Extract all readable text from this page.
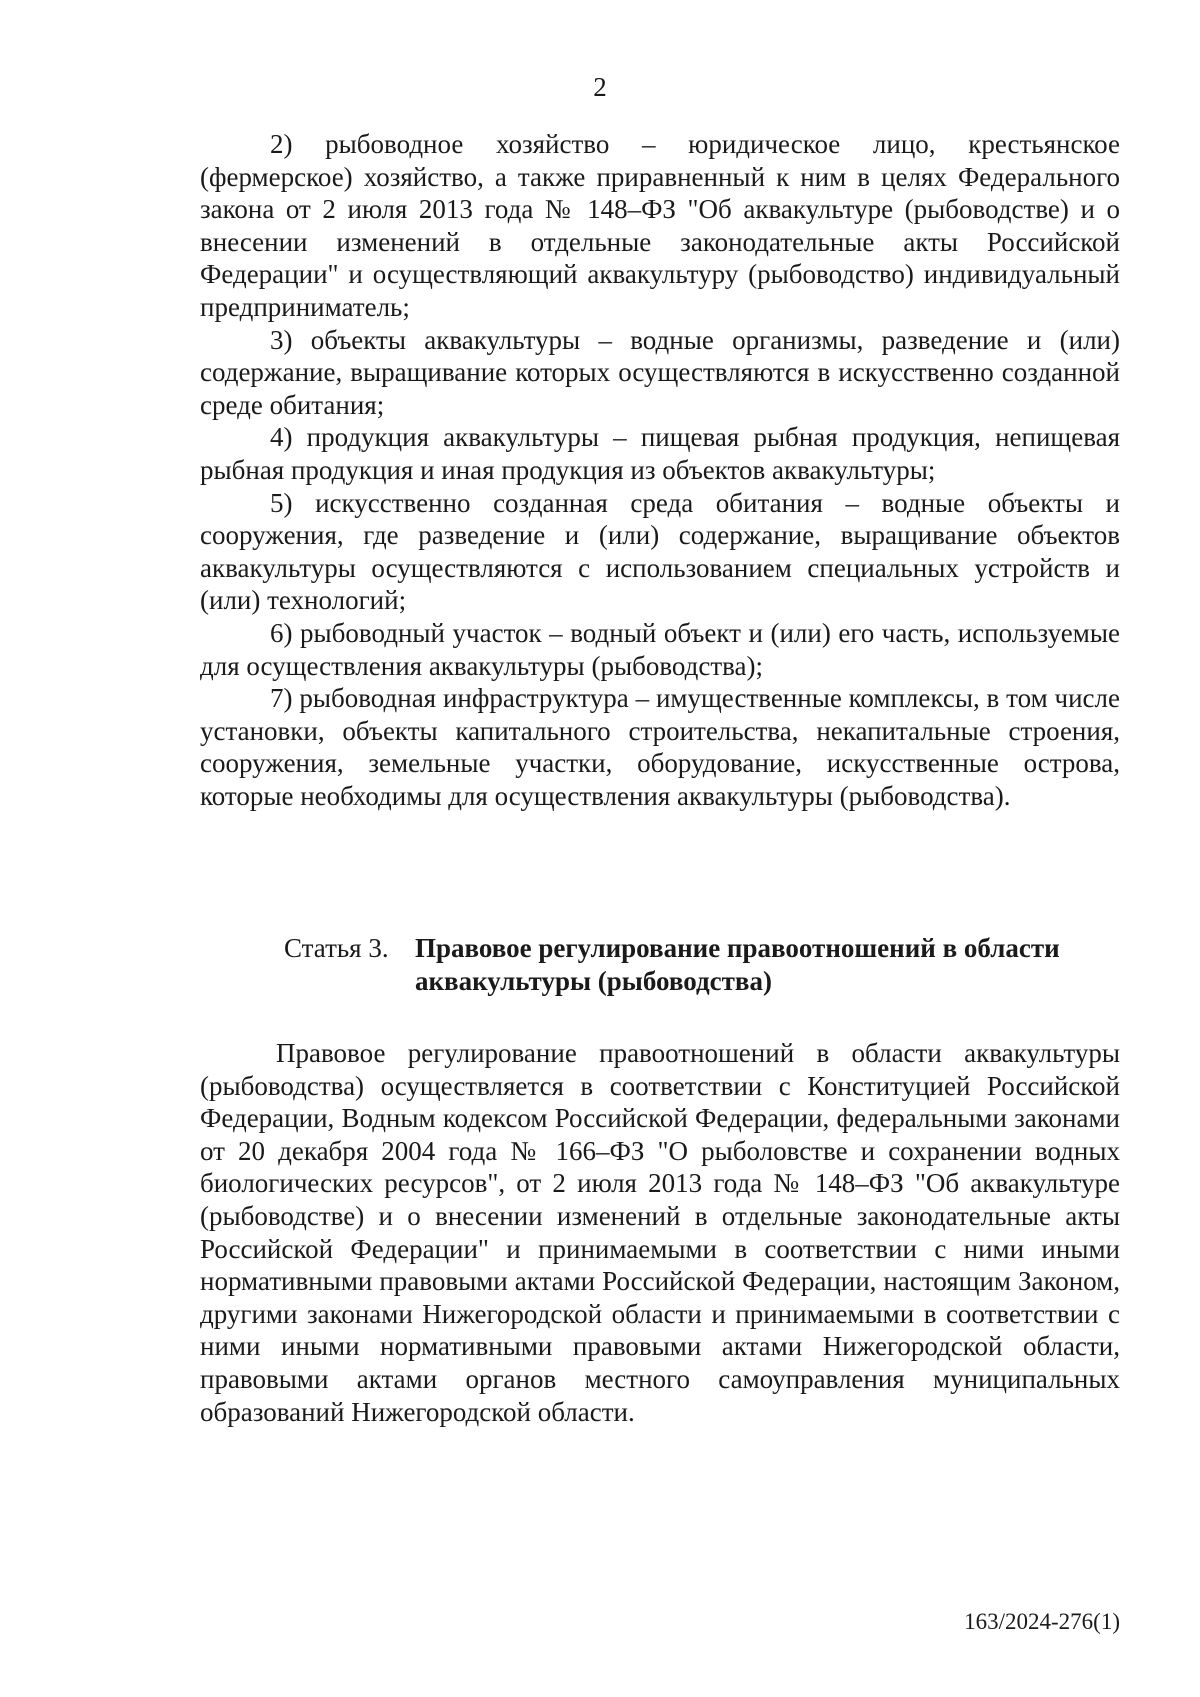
2

2) рыбоводное хозяйство – юридическое лицо, крестьянское (фермерское) хозяйство, а также приравненный к ним в целях Федерального закона от 2 июля 2013 года № 148–ФЗ "Об аквакультуре (рыбоводстве) и о внесении изменений в отдельные законодательные акты Российской Федерации" и осуществляющий аквакультуру (рыбоводство) индивидуальный предприниматель;

3) объекты аквакультуры – водные организмы, разведение и (или) содержание, выращивание которых осуществляются в искусственно созданной среде обитания;

4) продукция аквакультуры – пищевая рыбная продукция, непищевая рыбная продукция и иная продукция из объектов аквакультуры;

5) искусственно созданная среда обитания – водные объекты и сооружения, где разведение и (или) содержание, выращивание объектов аквакультуры осуществляются с использованием специальных устройств и (или) технологий;

6) рыбоводный участок – водный объект и (или) его часть, используемые для осуществления аквакультуры (рыбоводства);

7) рыбоводная инфраструктура – имущественные комплексы, в том числе установки, объекты капитального строительства, некапитальные строения, сооружения, земельные участки, оборудование, искусственные острова, которые необходимы для осуществления аквакультуры (рыбоводства).

Статья 3. Правовое регулирование правоотношений в области аквакультуры (рыбоводства)

Правовое регулирование правоотношений в области аквакультуры (рыбоводства) осуществляется в соответствии с Конституцией Российской Федерации, Водным кодексом Российской Федерации, федеральными законами от 20 декабря 2004 года № 166–ФЗ "О рыболовстве и сохранении водных биологических ресурсов", от 2 июля 2013 года № 148–ФЗ "Об аквакультуре (рыбоводстве) и о внесении изменений в отдельные законодательные акты Российской Федерации" и принимаемыми в соответствии с ними иными нормативными правовыми актами Российской Федерации, настоящим Законом, другими законами Нижегородской области и принимаемыми в соответствии с ними иными нормативными правовыми актами Нижегородской области, правовыми актами органов местного самоуправления муниципальных образований Нижегородской области.

163/2024-276(1)
